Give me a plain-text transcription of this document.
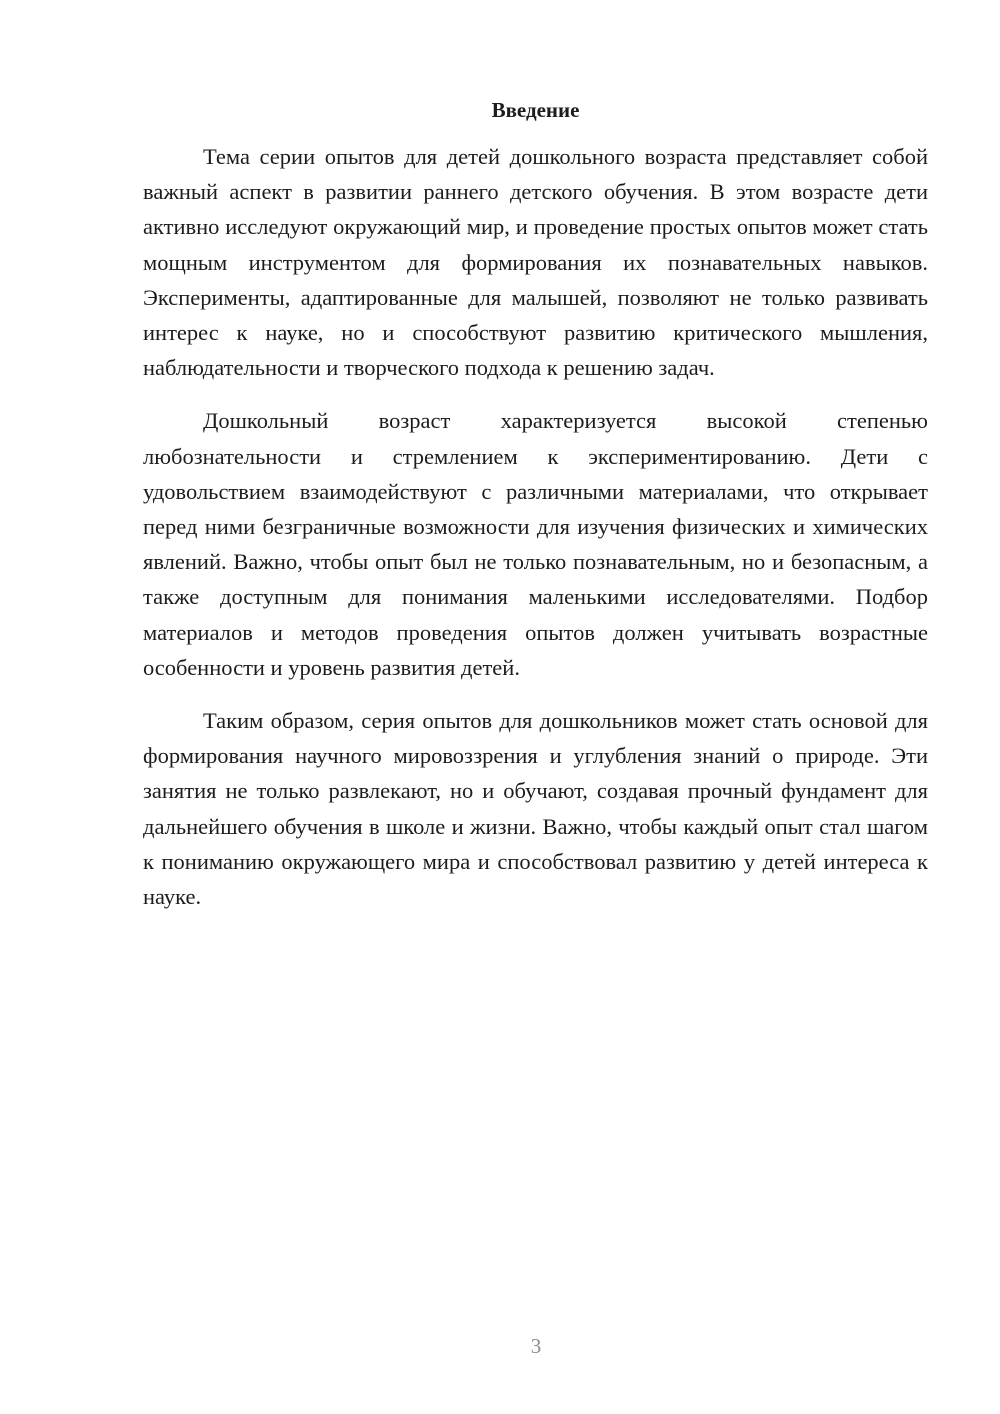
Введение

Тема серии опытов для детей дошкольного возраста представляет собой важный аспект в развитии раннего детского обучения. В этом возрасте дети активно исследуют окружающий мир, и проведение простых опытов может стать мощным инструментом для формирования их познавательных навыков. Эксперименты, адаптированные для малышей, позволяют не только развивать интерес к науке, но и способствуют развитию критического мышления, наблюдательности и творческого подхода к решению задач.

Дошкольный возраст характеризуется высокой степенью любознательности и стремлением к экспериментированию. Дети с удовольствием взаимодействуют с различными материалами, что открывает перед ними безграничные возможности для изучения физических и химических явлений. Важно, чтобы опыт был не только познавательным, но и безопасным, а также доступным для понимания маленькими исследователями. Подбор материалов и методов проведения опытов должен учитывать возрастные особенности и уровень развития детей.

Таким образом, серия опытов для дошкольников может стать основой для формирования научного мировоззрения и углубления знаний о природе. Эти занятия не только развлекают, но и обучают, создавая прочный фундамент для дальнейшего обучения в школе и жизни. Важно, чтобы каждый опыт стал шагом к пониманию окружающего мира и способствовал развитию у детей интереса к науке.

3
